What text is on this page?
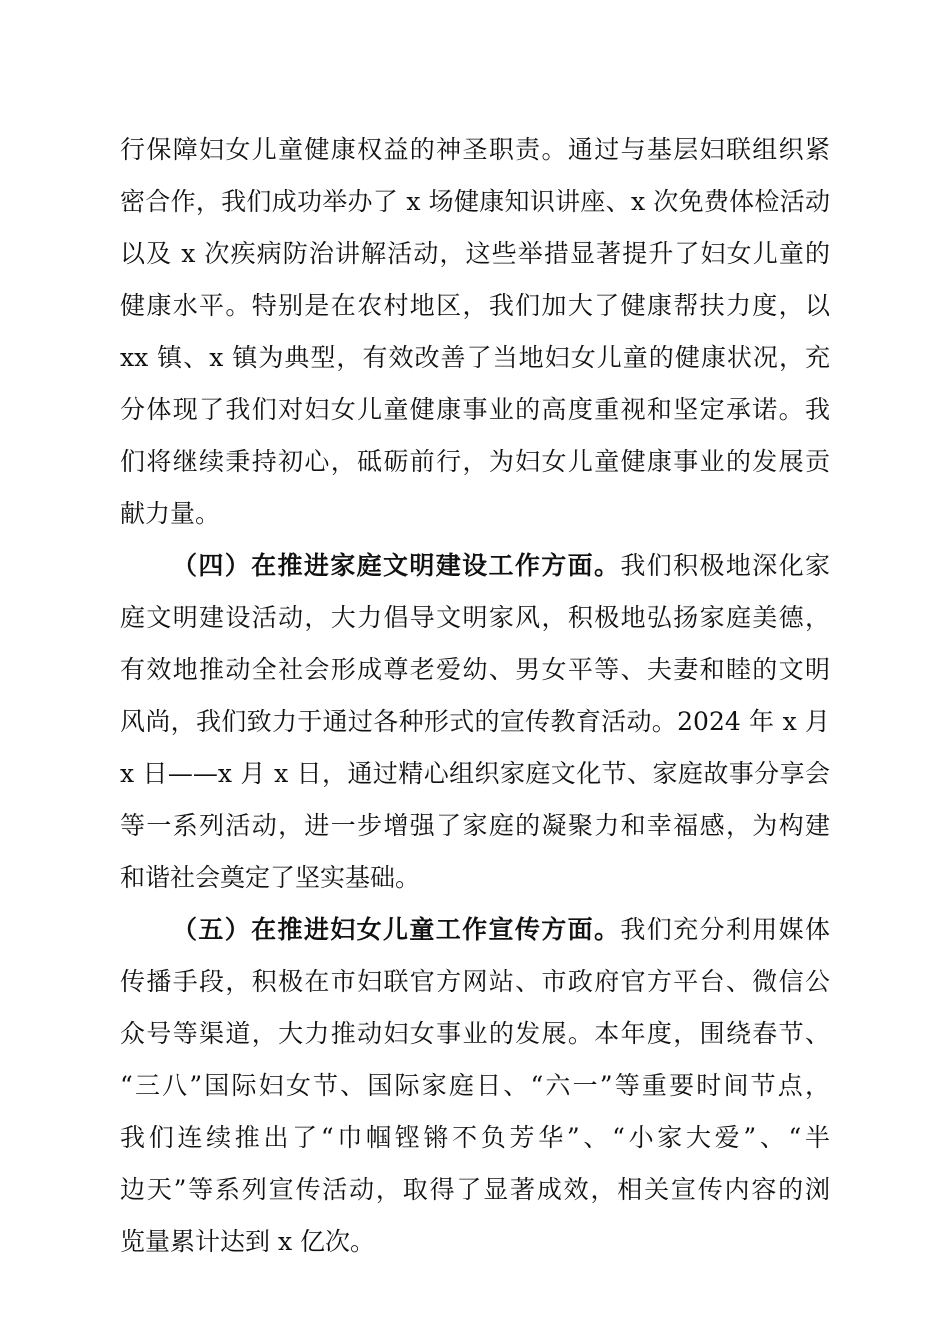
行保障妇女儿童健康权益的神圣职责。通过与基层妇联组织紧
密合作，我们成功举办了 x 场健康知识讲座、x 次免费体检活动
以及 x 次疾病防治讲解活动，这些举措显著提升了妇女儿童的
健康水平。特别是在农村地区，我们加大了健康帮扶力度，以
xx 镇、x 镇为典型，有效改善了当地妇女儿童的健康状况，充
分体现了我们对妇女儿童健康事业的高度重视和坚定承诺。我
们将继续秉持初心，砥砺前行，为妇女儿童健康事业的发展贡
献力量。
（四）在推进家庭文明建设工作方面。我们积极地深化家
庭文明建设活动，大力倡导文明家风，积极地弘扬家庭美德，
有效地推动全社会形成尊老爱幼、男女平等、夫妻和睦的文明
风尚，我们致力于通过各种形式的宣传教育活动。2024 年 x 月
x 日——x 月 x 日，通过精心组织家庭文化节、家庭故事分享会
等一系列活动，进一步增强了家庭的凝聚力和幸福感，为构建
和谐社会奠定了坚实基础。
（五）在推进妇女儿童工作宣传方面。我们充分利用媒体
传播手段，积极在市妇联官方网站、市政府官方平台、微信公
众号等渠道，大力推动妇女事业的发展。本年度，围绕春节、
“三八”国际妇女节、国际家庭日、“六一”等重要时间节点，
我们连续推出了“巾帼铿锵不负芳华”、“小家大爱”、“半
边天”等系列宣传活动，取得了显著成效，相关宣传内容的浏
览量累计达到 x 亿次。
